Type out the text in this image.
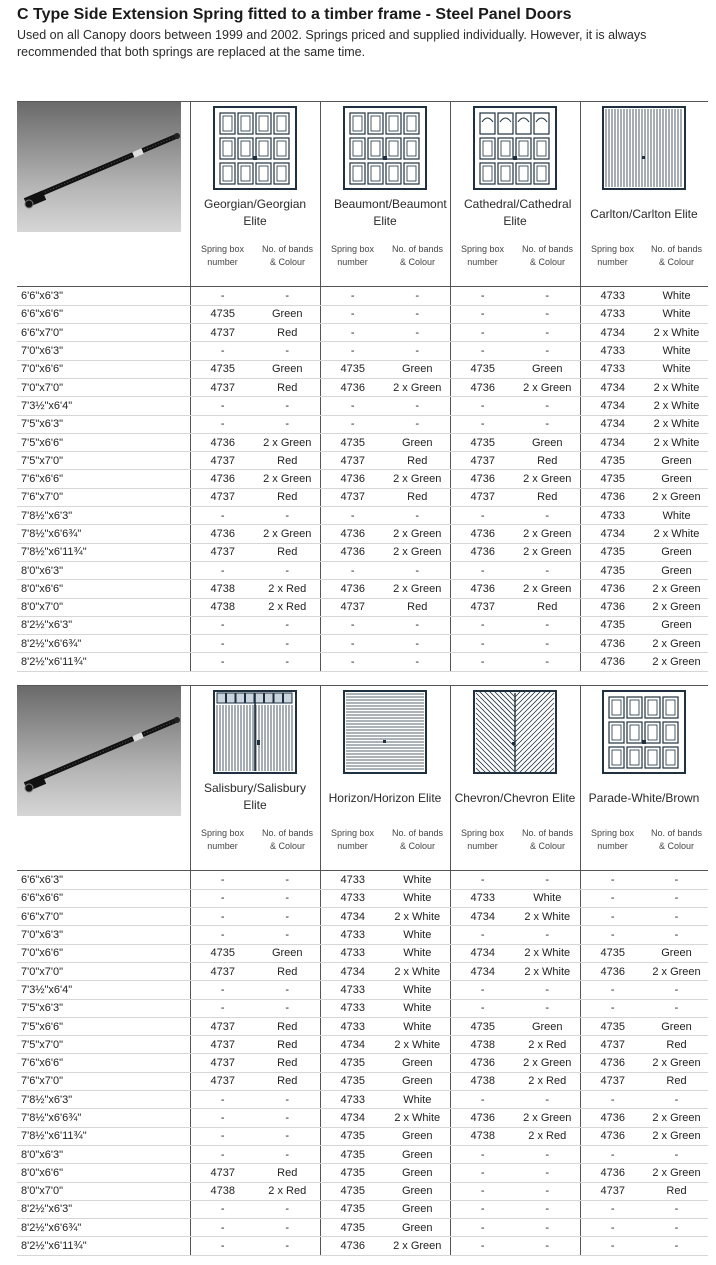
C Type Side Extension Spring fitted to a timber frame - Steel Panel Doors
Used on all Canopy doors between 1999 and 2002. Springs priced and supplied individually. However, it is always recommended that both springs are replaced at the same time.
Georgian/Georgian Elite
Spring box
number
No. of bands
& Colour
Beaumont/Beaumont Elite
Spring box
number
No. of bands
& Colour
Cathedral/Cathedral Elite
Spring box
number
No. of bands
& Colour
Carlton/Carlton Elite
Spring box
number
No. of bands
& Colour
6'6"x6'3"	-	-	-	-	-	-	4733	White
6'6"x6'6"	4735	Green	-	-	-	-	4733	White
6'6"x7'0"	4737	Red	-	-	-	-	4734	2 x White
7'0"x6'3"	-	-	-	-	-	-	4733	White
7'0"x6'6"	4735	Green	4735	Green	4735	Green	4733	White
7'0"x7'0"	4737	Red	4736	2 x Green	4736	2 x Green	4734	2 x White
7'3½"x6'4"	-	-	-	-	-	-	4734	2 x White
7'5"x6'3"	-	-	-	-	-	-	4734	2 x White
7'5"x6'6"	4736	2 x Green	4735	Green	4735	Green	4734	2 x White
7'5"x7'0"	4737	Red	4737	Red	4737	Red	4735	Green
7'6"x6'6"	4736	2 x Green	4736	2 x Green	4736	2 x Green	4735	Green
7'6"x7'0"	4737	Red	4737	Red	4737	Red	4736	2 x Green
7'8½"x6'3"	-	-	-	-	-	-	4733	White
7'8½"x6'6¾"	4736	2 x Green	4736	2 x Green	4736	2 x Green	4734	2 x White
7'8½"x6'11¾"	4737	Red	4736	2 x Green	4736	2 x Green	4735	Green
8'0"x6'3"	-	-	-	-	-	-	4735	Green
8'0"x6'6"	4738	2 x Red	4736	2 x Green	4736	2 x Green	4736	2 x Green
8'0"x7'0"	4738	2 x Red	4737	Red	4737	Red	4736	2 x Green
8'2½"x6'3"	-	-	-	-	-	-	4735	Green
8'2½"x6'6¾"	-	-	-	-	-	-	4736	2 x Green
8'2½"x6'11¾"	-	-	-	-	-	-	4736	2 x Green
Salisbury/Salisbury Elite
Spring box
number
No. of bands
& Colour
Horizon/Horizon Elite
Spring box
number
No. of bands
& Colour
Chevron/Chevron Elite
Spring box
number
No. of bands
& Colour
Parade-White/Brown
Spring box
number
No. of bands
& Colour
6'6"x6'3"	-	-	4733	White	-	-	-	-
6'6"x6'6"	-	-	4733	White	4733	White	-	-
6'6"x7'0"	-	-	4734	2 x White	4734	2 x White	-	-
7'0"x6'3"	-	-	4733	White	-	-	-	-
7'0"x6'6"	4735	Green	4733	White	4734	2 x White	4735	Green
7'0"x7'0"	4737	Red	4734	2 x White	4734	2 x White	4736	2 x Green
7'3½"x6'4"	-	-	4733	White	-	-	-	-
7'5"x6'3"	-	-	4733	White	-	-	-	-
7'5"x6'6"	4737	Red	4733	White	4735	Green	4735	Green
7'5"x7'0"	4737	Red	4734	2 x White	4738	2 x Red	4737	Red
7'6"x6'6"	4737	Red	4735	Green	4736	2 x Green	4736	2 x Green
7'6"x7'0"	4737	Red	4735	Green	4738	2 x Red	4737	Red
7'8½"x6'3"	-	-	4733	White	-	-	-	-
7'8½"x6'6¾"	-	-	4734	2 x White	4736	2 x Green	4736	2 x Green
7'8½"x6'11¾"	-	-	4735	Green	4738	2 x Red	4736	2 x Green
8'0"x6'3"	-	-	4735	Green	-	-	-	-
8'0"x6'6"	4737	Red	4735	Green	-	-	4736	2 x Green
8'0"x7'0"	4738	2 x Red	4735	Green	-	-	4737	Red
8'2½"x6'3"	-	-	4735	Green	-	-	-	-
8'2½"x6'6¾"	-	-	4735	Green	-	-	-	-
8'2½"x6'11¾"	-	-	4736	2 x Green	-	-	-	-
